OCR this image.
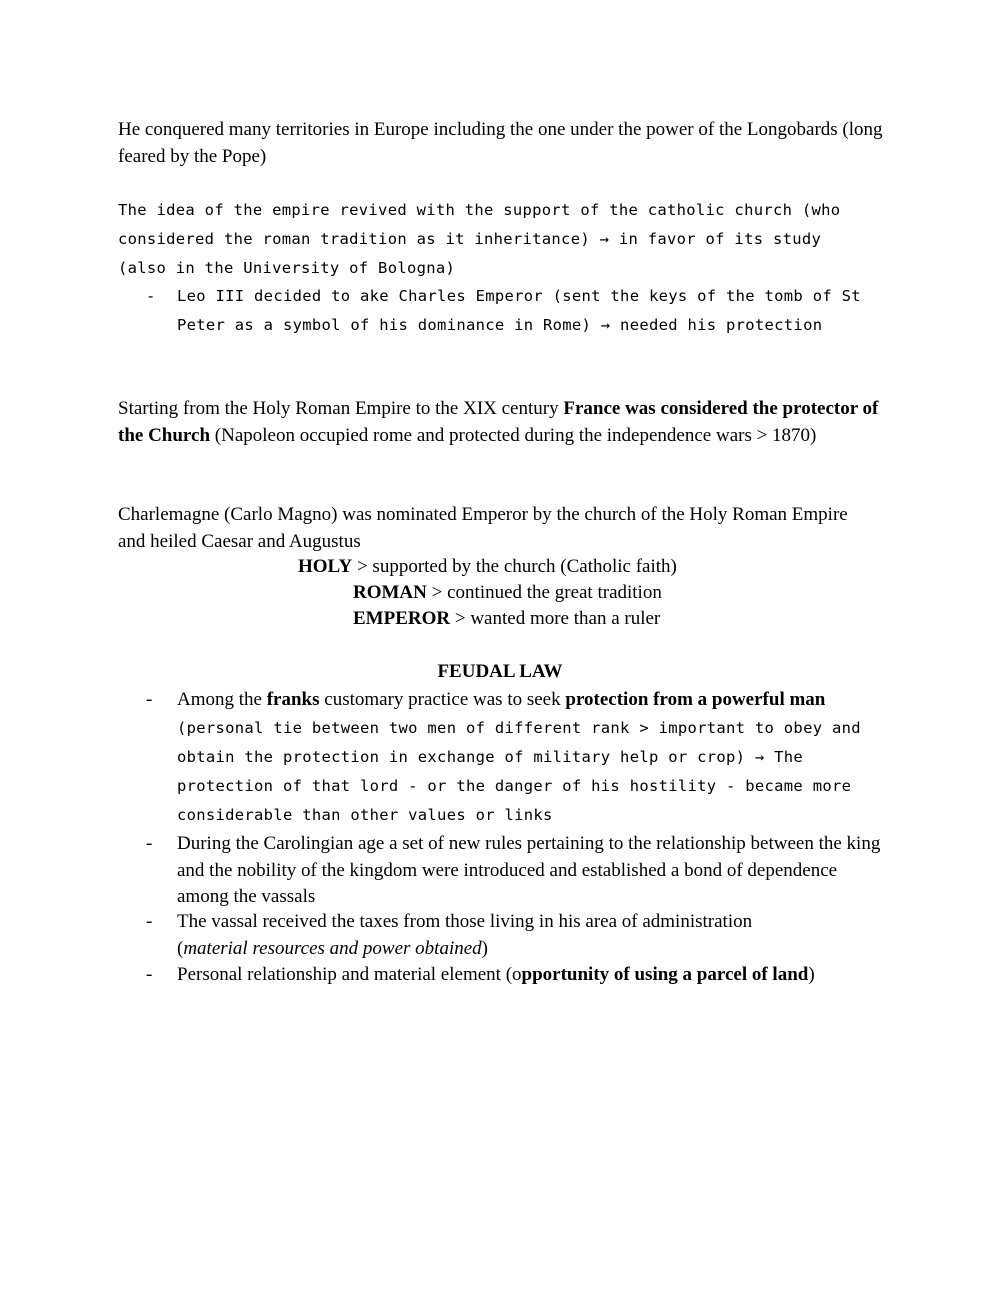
He conquered many territories in Europe including the one under the power of the Longobards (long feared by the Pope)

The idea of the empire revived with the support of the catholic church (who considered the roman tradition as it inheritance) → in favor of its study (also in the University of Bologna)

- Leo III decided to ake Charles Emperor (sent the keys of the tomb of St Peter as a symbol of his dominance in Rome) → needed his protection

Starting from the Holy Roman Empire to the XIX century France was considered the protector of the Church (Napoleon occupied rome and protected during the independence wars > 1870)

Charlemagne (Carlo Magno) was nominated Emperor by the church of the Holy Roman Empire and heiled Caesar and Augustus

HOLY > supported by the church (Catholic faith)
ROMAN > continued the great tradition
EMPEROR > wanted more than a ruler
FEUDAL LAW
- Among the franks customary practice was to seek protection from a powerful man
(personal tie between two men of different rank > important to obey and obtain the protection in exchange of military help or crop) → The protection of that lord - or the danger of his hostility - became more considerable than other values or links
- During the Carolingian age a set of new rules pertaining to the relationship between the king and the nobility of the kingdom were introduced and established a bond of dependence among the vassals
- The vassal received the taxes from those living in his area of administration
(material resources and power obtained)
- Personal relationship and material element (opportunity of using a parcel of land)
